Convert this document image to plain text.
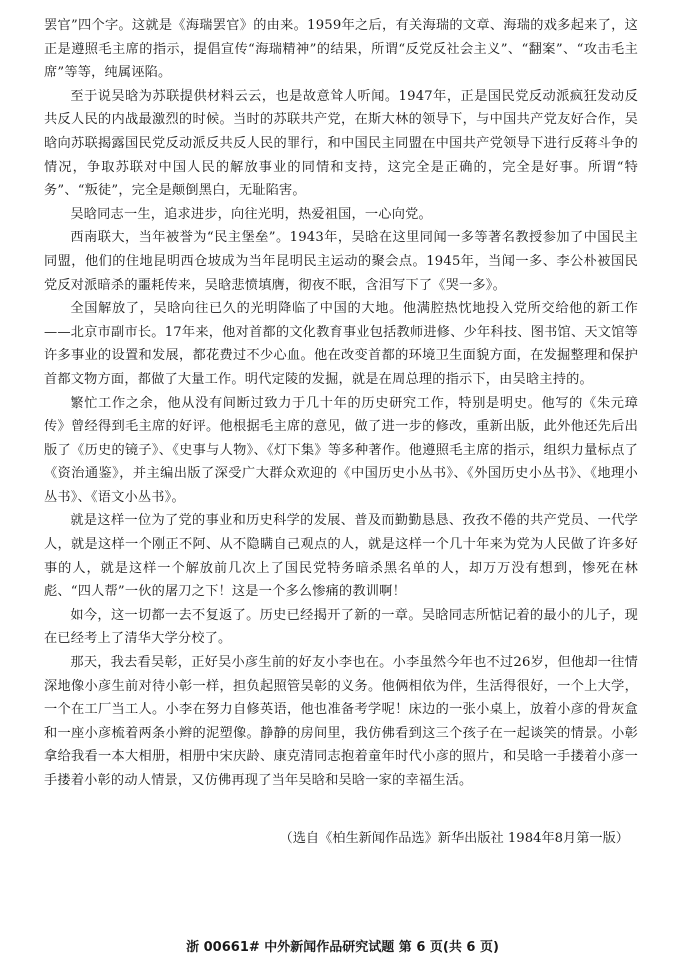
罢官”四个字。这就是《海瑞罢官》的由来。1959年之后，有关海瑞的文章、海瑞的戏多起来了，这正是遵照毛主席的指示，提倡宣传“海瑞精神”的结果，所谓“反党反社会主义”、“翻案”、“攻击毛主席”等等，纯属诬陷。

至于说吴晗为苏联提供材料云云，也是故意耸人听闻。1947年，正是国民党反动派疯狂发动反共反人民的内战最激烈的时候。当时的苏联共产党，在斯大林的领导下，与中国共产党友好合作，吴晗向苏联揭露国民党反动派反共反人民的罪行，和中国民主同盟在中国共产党领导下进行反蒋斗争的情况，争取苏联对中国人民的解放事业的同情和支持，这完全是正确的，完全是好事。所谓“特务”、“叛徒”，完全是颠倒黑白，无耻陷害。

吴晗同志一生，追求进步，向往光明，热爱祖国，一心向党。

西南联大，当年被誉为“民主堡垒”。1943年，吴晗在这里同闻一多等著名教授参加了中国民主同盟，他们的住地昆明西仓坡成为当年昆明民主运动的聚会点。1945年，当闻一多、李公朴被国民党反对派暗杀的噩耗传来，吴晗悲愤填膺，彻夜不眠，含泪写下了《哭一多》。

全国解放了，吴晗向往已久的光明降临了中国的大地。他满腔热忱地投入党所交给他的新工作——北京市副市长。17年来，他对首都的文化教育事业包括教师进修、少年科技、图书馆、天文馆等许多事业的设置和发展，都花费过不少心血。他在改变首都的环境卫生面貌方面，在发掘整理和保护首都文物方面，都做了大量工作。明代定陵的发掘，就是在周总理的指示下，由吴晗主持的。

繁忙工作之余，他从没有间断过致力于几十年的历史研究工作，特别是明史。他写的《朱元璋传》曾经得到毛主席的好评。他根据毛主席的意见，做了进一步的修改，重新出版，此外他还先后出版了《历史的镜子》、《史事与人物》、《灯下集》等多种著作。他遵照毛主席的指示，组织力量标点了《资治通鉴》，并主编出版了深受广大群众欢迎的《中国历史小丛书》、《外国历史小丛书》、《地理小丛书》、《语文小丛书》。

就是这样一位为了党的事业和历史科学的发展、普及而勤勤恳恳、孜孜不倦的共产党员、一代学人，就是这样一个刚正不阿、从不隐瞒自己观点的人，就是这样一个几十年来为党为人民做了许多好事的人，就是这样一个解放前几次上了国民党特务暗杀黑名单的人，却万万没有想到，惨死在林彪、“四人帮”一伙的屠刀之下！这是一个多么惨痛的教训啊！

如今，这一切都一去不复返了。历史已经揭开了新的一章。吴晗同志所惦记着的最小的儿子，现在已经考上了清华大学分校了。

那天，我去看吴彰，正好吴小彦生前的好友小李也在。小李虽然今年也不过26岁，但他却一往情深地像小彦生前对待小彰一样，担负起照管吴彰的义务。他俩相依为伴，生活得很好，一个上大学，一个在工厂当工人。小李在努力自修英语，他也准备考学呢！床边的一张小桌上，放着小彦的骨灰盒和一座小彦梳着两条小辫的泥塑像。静静的房间里，我仿佛看到这三个孩子在一起谈笑的情景。小彰拿给我看一本大相册，相册中宋庆龄、康克清同志抱着童年时代小彦的照片，和吴晗一手搂着小彦一手搂着小彰的动人情景，又仿佛再现了当年吴晗和吴晗一家的幸福生活。

（选自《柏生新闻作品选》新华出版社 1984年8月第一版）
浙 00661# 中外新闻作品研究试题 第 6 页(共 6 页)
